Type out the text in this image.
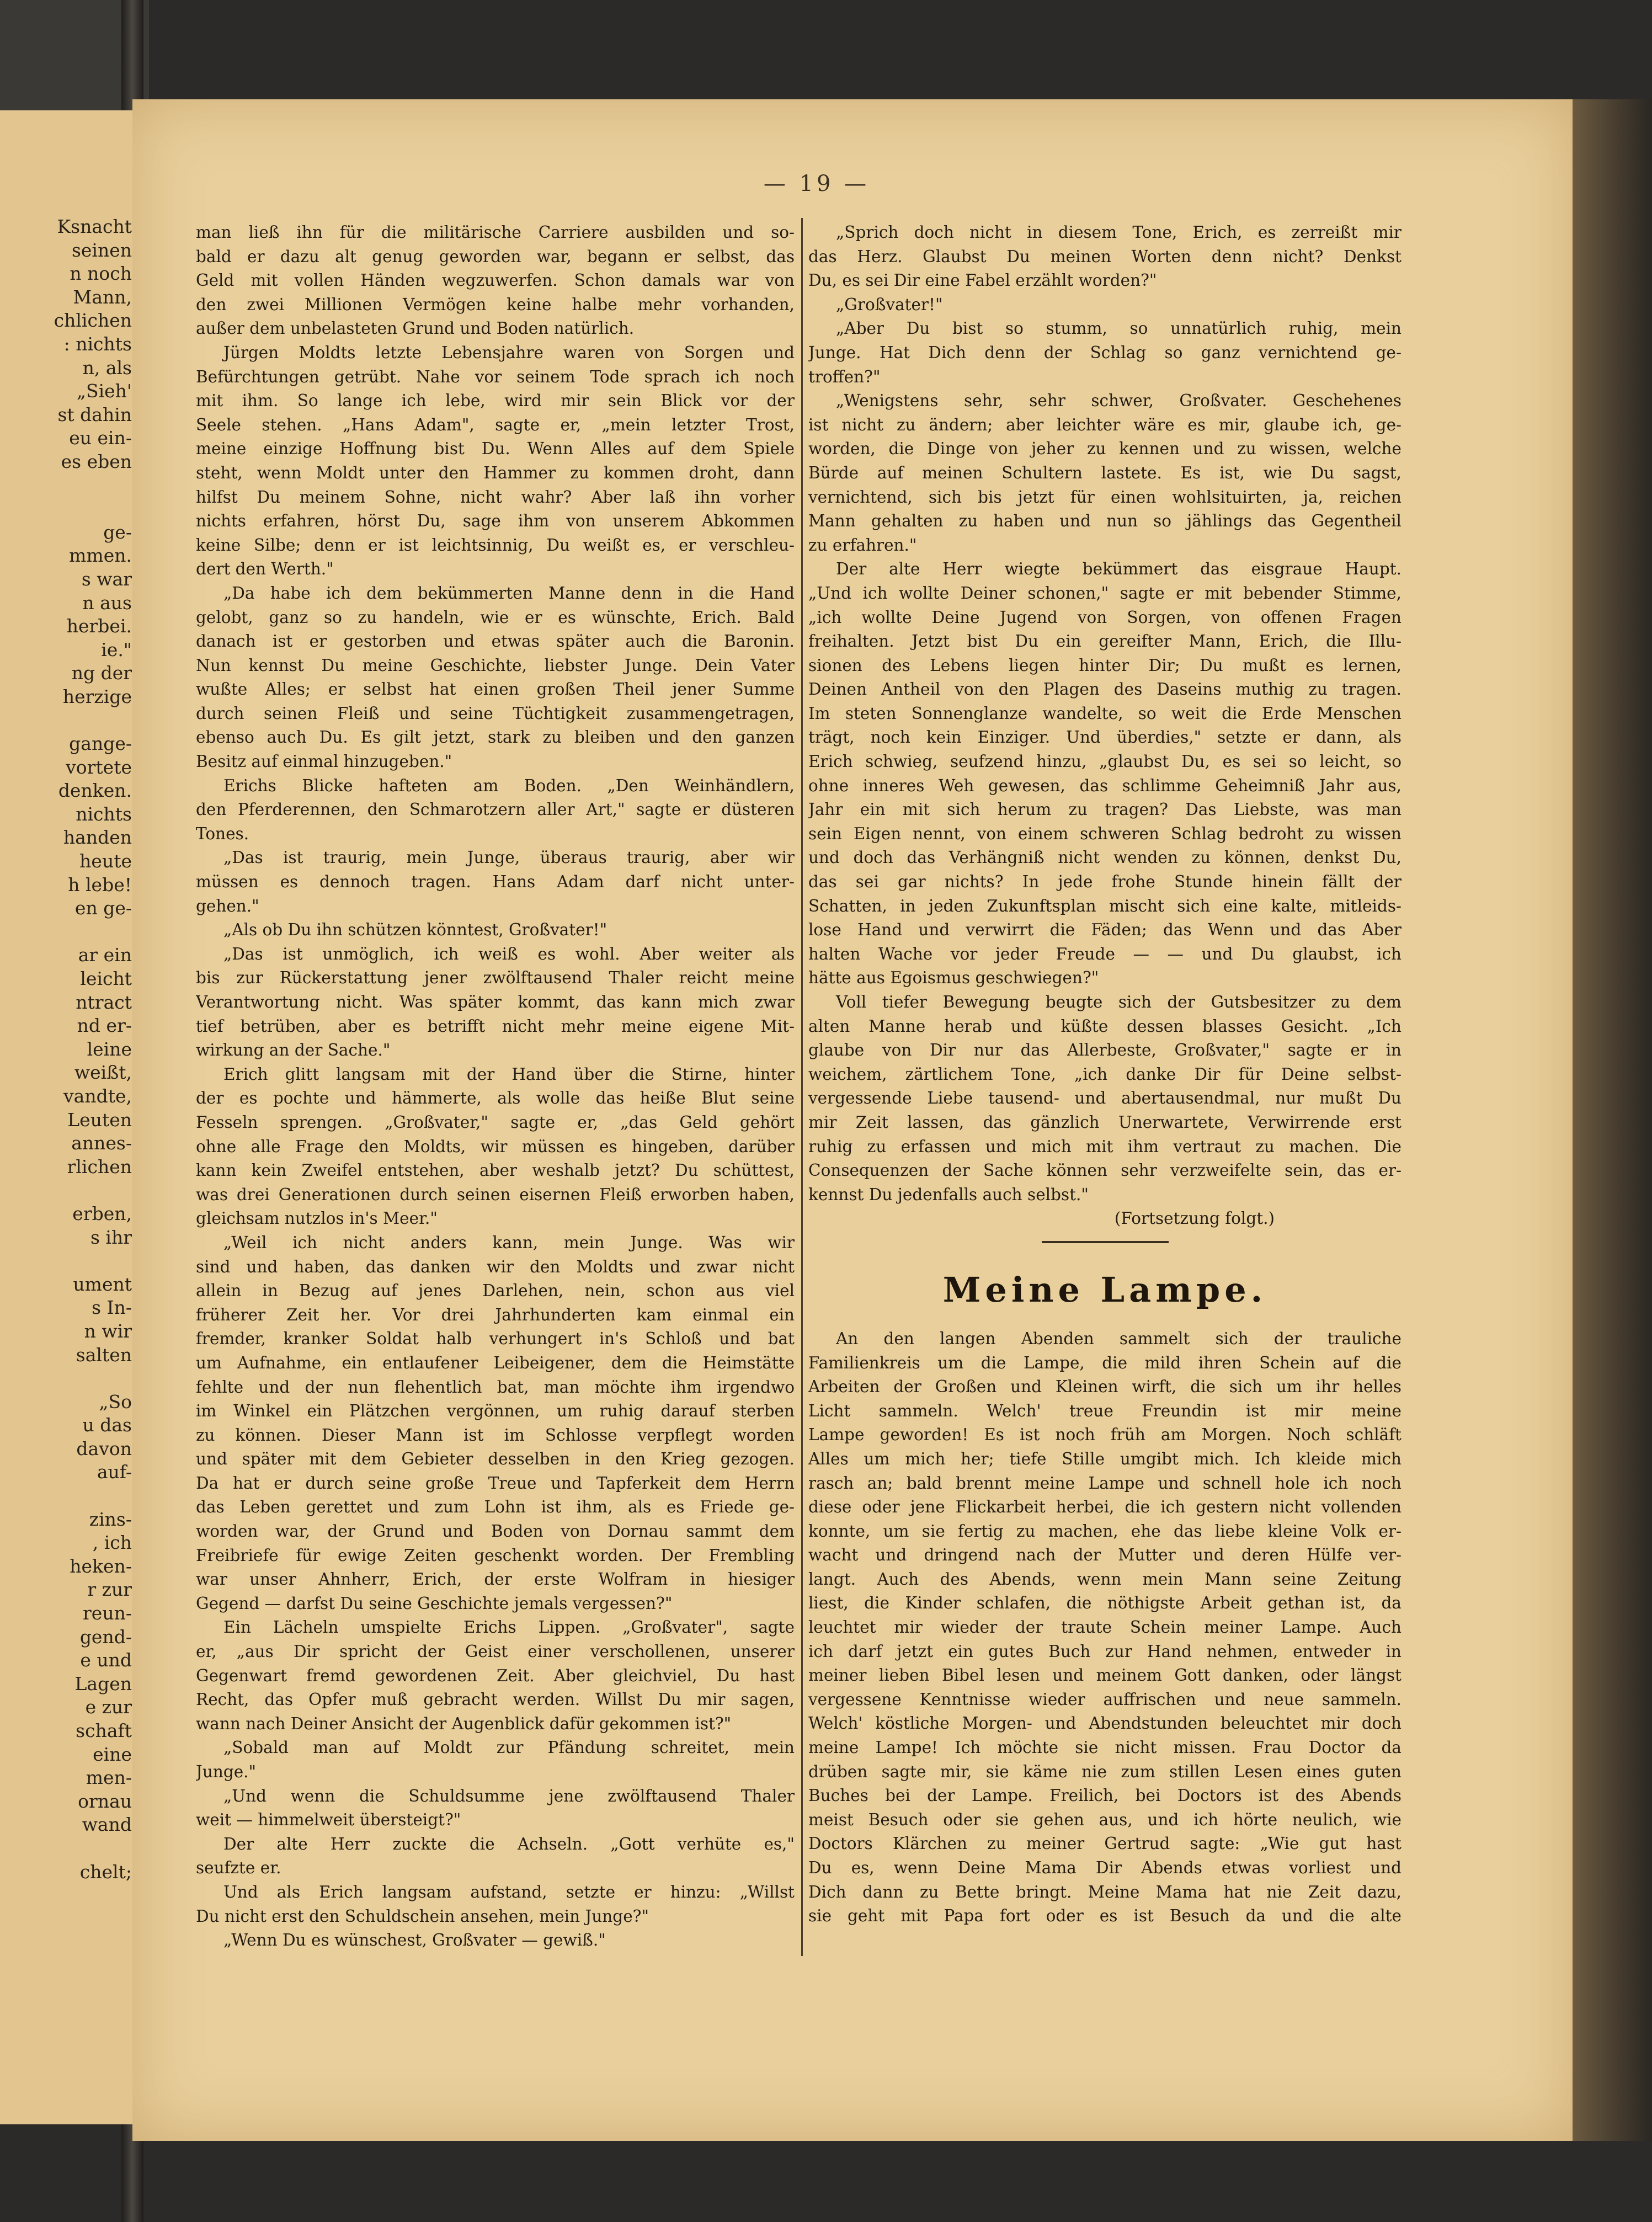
Ksnacht
seinen
n noch
Mann,
chlichen
: nichts
n, als
„Sieh'
st dahin
eu ein-
es eben
ge-
mmen.
s war
n aus
herbei.
ie."
ng der
herzige
gange-
vortete
denken.
nichts
handen
heute
h lebe!
en ge-
ar ein
leicht
ntract
nd er-
leine
weißt,
vandte,
Leuten
annes-
rlichen
erben,
s ihr
ument
s In-
n wir
salten
„So
u das
davon
auf-
zins-
, ich
heken-
r zur
reun-
gend-
e und
Lagen
e zur
schaft
eine
men-
ornau
wand
chelt;
— 19 —
man ließ ihn für die militärische Carriere ausbilden und so-
bald er dazu alt genug geworden war, begann er selbst, das
Geld mit vollen Händen wegzuwerfen. Schon damals war von
den zwei Millionen Vermögen keine halbe mehr vorhanden,
außer dem unbelasteten Grund und Boden natürlich.
Jürgen Moldts letzte Lebensjahre waren von Sorgen und
Befürchtungen getrübt. Nahe vor seinem Tode sprach ich noch
mit ihm. So lange ich lebe, wird mir sein Blick vor der
Seele stehen. „Hans Adam", sagte er, „mein letzter Trost,
meine einzige Hoffnung bist Du. Wenn Alles auf dem Spiele
steht, wenn Moldt unter den Hammer zu kommen droht, dann
hilfst Du meinem Sohne, nicht wahr? Aber laß ihn vorher
nichts erfahren, hörst Du, sage ihm von unserem Abkommen
keine Silbe; denn er ist leichtsinnig, Du weißt es, er verschleu-
dert den Werth."
„Da habe ich dem bekümmerten Manne denn in die Hand
gelobt, ganz so zu handeln, wie er es wünschte, Erich. Bald
danach ist er gestorben und etwas später auch die Baronin.
Nun kennst Du meine Geschichte, liebster Junge. Dein Vater
wußte Alles; er selbst hat einen großen Theil jener Summe
durch seinen Fleiß und seine Tüchtigkeit zusammengetragen,
ebenso auch Du. Es gilt jetzt, stark zu bleiben und den ganzen
Besitz auf einmal hinzugeben."
Erichs Blicke hafteten am Boden. „Den Weinhändlern,
den Pferderennen, den Schmarotzern aller Art," sagte er düsteren
Tones.
„Das ist traurig, mein Junge, überaus traurig, aber wir
müssen es dennoch tragen. Hans Adam darf nicht unter-
gehen."
„Als ob Du ihn schützen könntest, Großvater!"
„Das ist unmöglich, ich weiß es wohl. Aber weiter als
bis zur Rückerstattung jener zwölftausend Thaler reicht meine
Verantwortung nicht. Was später kommt, das kann mich zwar
tief betrüben, aber es betrifft nicht mehr meine eigene Mit-
wirkung an der Sache."
Erich glitt langsam mit der Hand über die Stirne, hinter
der es pochte und hämmerte, als wolle das heiße Blut seine
Fesseln sprengen. „Großvater," sagte er, „das Geld gehört
ohne alle Frage den Moldts, wir müssen es hingeben, darüber
kann kein Zweifel entstehen, aber weshalb jetzt? Du schüttest,
was drei Generationen durch seinen eisernen Fleiß erworben haben,
gleichsam nutzlos in's Meer."
„Weil ich nicht anders kann, mein Junge. Was wir
sind und haben, das danken wir den Moldts und zwar nicht
allein in Bezug auf jenes Darlehen, nein, schon aus viel
früherer Zeit her. Vor drei Jahrhunderten kam einmal ein
fremder, kranker Soldat halb verhungert in's Schloß und bat
um Aufnahme, ein entlaufener Leibeigener, dem die Heimstätte
fehlte und der nun flehentlich bat, man möchte ihm irgendwo
im Winkel ein Plätzchen vergönnen, um ruhig darauf sterben
zu können. Dieser Mann ist im Schlosse verpflegt worden
und später mit dem Gebieter desselben in den Krieg gezogen.
Da hat er durch seine große Treue und Tapferkeit dem Herrn
das Leben gerettet und zum Lohn ist ihm, als es Friede ge-
worden war, der Grund und Boden von Dornau sammt dem
Freibriefe für ewige Zeiten geschenkt worden. Der Frembling
war unser Ahnherr, Erich, der erste Wolfram in hiesiger
Gegend — darfst Du seine Geschichte jemals vergessen?"
Ein Lächeln umspielte Erichs Lippen. „Großvater", sagte
er, „aus Dir spricht der Geist einer verschollenen, unserer
Gegenwart fremd gewordenen Zeit. Aber gleichviel, Du hast
Recht, das Opfer muß gebracht werden. Willst Du mir sagen,
wann nach Deiner Ansicht der Augenblick dafür gekommen ist?"
„Sobald man auf Moldt zur Pfändung schreitet, mein
Junge."
„Und wenn die Schuldsumme jene zwölftausend Thaler
weit — himmelweit übersteigt?"
Der alte Herr zuckte die Achseln. „Gott verhüte es,"
seufzte er.
Und als Erich langsam aufstand, setzte er hinzu: „Willst
Du nicht erst den Schuldschein ansehen, mein Junge?"
„Wenn Du es wünschest, Großvater — gewiß."
„Sprich doch nicht in diesem Tone, Erich, es zerreißt mir
das Herz. Glaubst Du meinen Worten denn nicht? Denkst
Du, es sei Dir eine Fabel erzählt worden?"
„Großvater!"
„Aber Du bist so stumm, so unnatürlich ruhig, mein
Junge. Hat Dich denn der Schlag so ganz vernichtend ge-
troffen?"
„Wenigstens sehr, sehr schwer, Großvater. Geschehenes
ist nicht zu ändern; aber leichter wäre es mir, glaube ich, ge-
worden, die Dinge von jeher zu kennen und zu wissen, welche
Bürde auf meinen Schultern lastete. Es ist, wie Du sagst,
vernichtend, sich bis jetzt für einen wohlsituirten, ja, reichen
Mann gehalten zu haben und nun so jählings das Gegentheil
zu erfahren."
Der alte Herr wiegte bekümmert das eisgraue Haupt.
„Und ich wollte Deiner schonen," sagte er mit bebender Stimme,
„ich wollte Deine Jugend von Sorgen, von offenen Fragen
freihalten. Jetzt bist Du ein gereifter Mann, Erich, die Illu-
sionen des Lebens liegen hinter Dir; Du mußt es lernen,
Deinen Antheil von den Plagen des Daseins muthig zu tragen.
Im steten Sonnenglanze wandelte, so weit die Erde Menschen
trägt, noch kein Einziger. Und überdies," setzte er dann, als
Erich schwieg, seufzend hinzu, „glaubst Du, es sei so leicht, so
ohne inneres Weh gewesen, das schlimme Geheimniß Jahr aus,
Jahr ein mit sich herum zu tragen? Das Liebste, was man
sein Eigen nennt, von einem schweren Schlag bedroht zu wissen
und doch das Verhängniß nicht wenden zu können, denkst Du,
das sei gar nichts? In jede frohe Stunde hinein fällt der
Schatten, in jeden Zukunftsplan mischt sich eine kalte, mitleids-
lose Hand und verwirrt die Fäden; das Wenn und das Aber
halten Wache vor jeder Freude — — und Du glaubst, ich
hätte aus Egoismus geschwiegen?"
Voll tiefer Bewegung beugte sich der Gutsbesitzer zu dem
alten Manne herab und küßte dessen blasses Gesicht. „Ich
glaube von Dir nur das Allerbeste, Großvater," sagte er in
weichem, zärtlichem Tone, „ich danke Dir für Deine selbst-
vergessende Liebe tausend- und abertausendmal, nur mußt Du
mir Zeit lassen, das gänzlich Unerwartete, Verwirrende erst
ruhig zu erfassen und mich mit ihm vertraut zu machen. Die
Consequenzen der Sache können sehr verzweifelte sein, das er-
kennst Du jedenfalls auch selbst."
(Fortsetzung folgt.)
Meine Lampe.
An den langen Abenden sammelt sich der trauliche
Familienkreis um die Lampe, die mild ihren Schein auf die
Arbeiten der Großen und Kleinen wirft, die sich um ihr helles
Licht sammeln. Welch' treue Freundin ist mir meine
Lampe geworden! Es ist noch früh am Morgen. Noch schläft
Alles um mich her; tiefe Stille umgibt mich. Ich kleide mich
rasch an; bald brennt meine Lampe und schnell hole ich noch
diese oder jene Flickarbeit herbei, die ich gestern nicht vollenden
konnte, um sie fertig zu machen, ehe das liebe kleine Volk er-
wacht und dringend nach der Mutter und deren Hülfe ver-
langt. Auch des Abends, wenn mein Mann seine Zeitung
liest, die Kinder schlafen, die nöthigste Arbeit gethan ist, da
leuchtet mir wieder der traute Schein meiner Lampe. Auch
ich darf jetzt ein gutes Buch zur Hand nehmen, entweder in
meiner lieben Bibel lesen und meinem Gott danken, oder längst
vergessene Kenntnisse wieder auffrischen und neue sammeln.
Welch' köstliche Morgen- und Abendstunden beleuchtet mir doch
meine Lampe! Ich möchte sie nicht missen. Frau Doctor da
drüben sagte mir, sie käme nie zum stillen Lesen eines guten
Buches bei der Lampe. Freilich, bei Doctors ist des Abends
meist Besuch oder sie gehen aus, und ich hörte neulich, wie
Doctors Klärchen zu meiner Gertrud sagte: „Wie gut hast
Du es, wenn Deine Mama Dir Abends etwas vorliest und
Dich dann zu Bette bringt. Meine Mama hat nie Zeit dazu,
sie geht mit Papa fort oder es ist Besuch da und die alte
